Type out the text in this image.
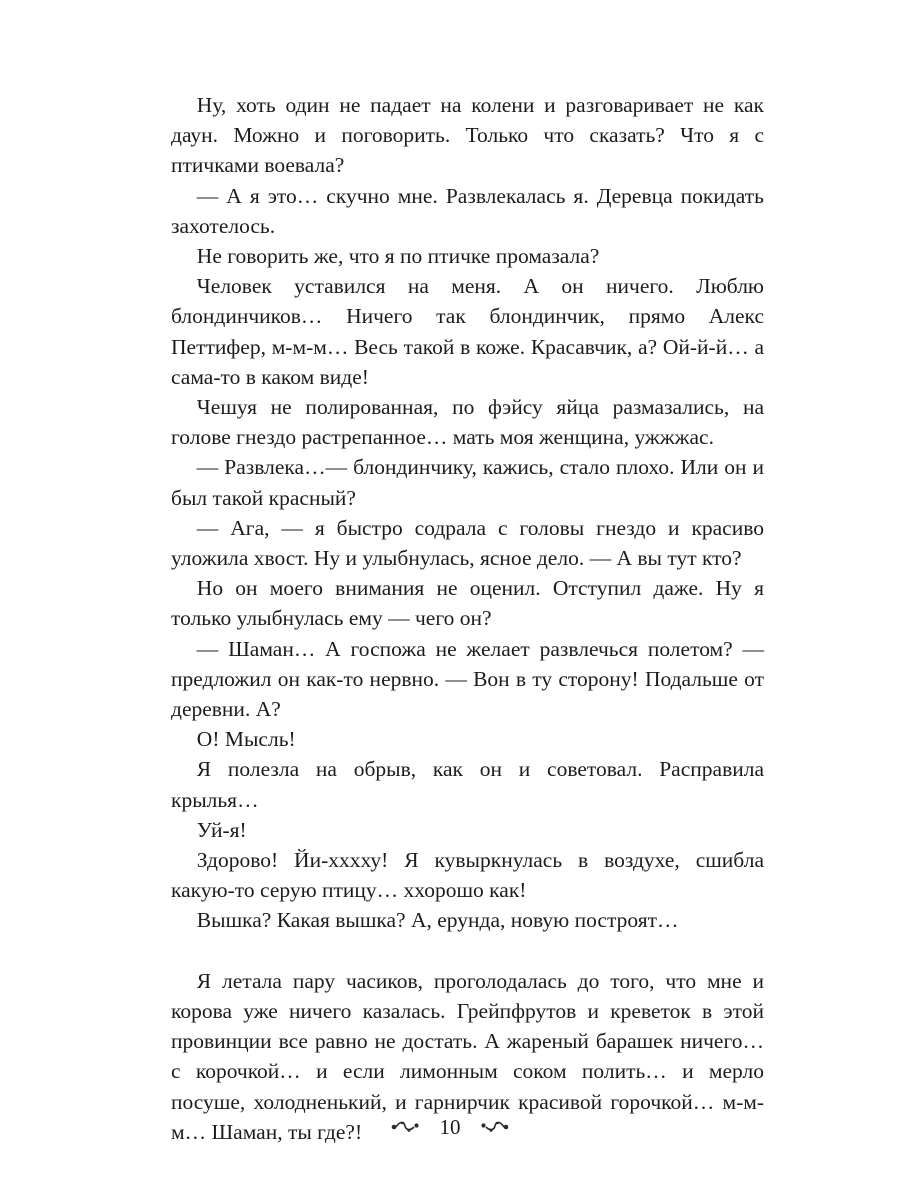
Ну, хоть один не падает на колени и разговаривает не как даун. Можно и поговорить. Только что сказать? Что я с птичками воевала?

— А я это… скучно мне. Развлекалась я. Деревца покидать захотелось.

Не говорить же, что я по птичке промазала?

Человек уставился на меня. А он ничего. Люблю блондинчиков… Ничего так блондинчик, прямо Алекс Петтифер, м-м-м… Весь такой в коже. Красавчик, а? Ой-й-й… а сама-то в каком виде!

Чешуя не полированная, по фэйсу яйца размазались, на голове гнездо растрепанное… мать моя женщина, ужжжас.

— Развлека…— блондинчику, кажись, стало плохо. Или он и был такой красный?

— Ага, — я быстро содрала с головы гнездо и красиво уложила хвост. Ну и улыбнулась, ясное дело. — А вы тут кто?

Но он моего внимания не оценил. Отступил даже. Ну я только улыбнулась ему — чего он?

— Шаман… А госпожа не желает развлечься полетом? — предложил он как-то нервно. — Вон в ту сторону! Подальше от деревни. А?

О! Мысль!

Я полезла на обрыв, как он и советовал. Расправила крылья…

Уй-я!

Здорово! Йи-хххху! Я кувыркнулась в воздухе, сшибла какую-то серую птицу… ххорошо как!

Вышка? Какая вышка? А, ерунда, новую построят…

Я летала пару часиков, проголодалась до того, что мне и корова уже ничего казалась. Грейпфрутов и креветок в этой провинции все равно не достать. А жареный барашек ничего… с корочкой… и если лимонным соком полить… и мерло посуше, холодненький, и гарнирчик красивой горочкой… м-м-м… Шаман, ты где?!	10
